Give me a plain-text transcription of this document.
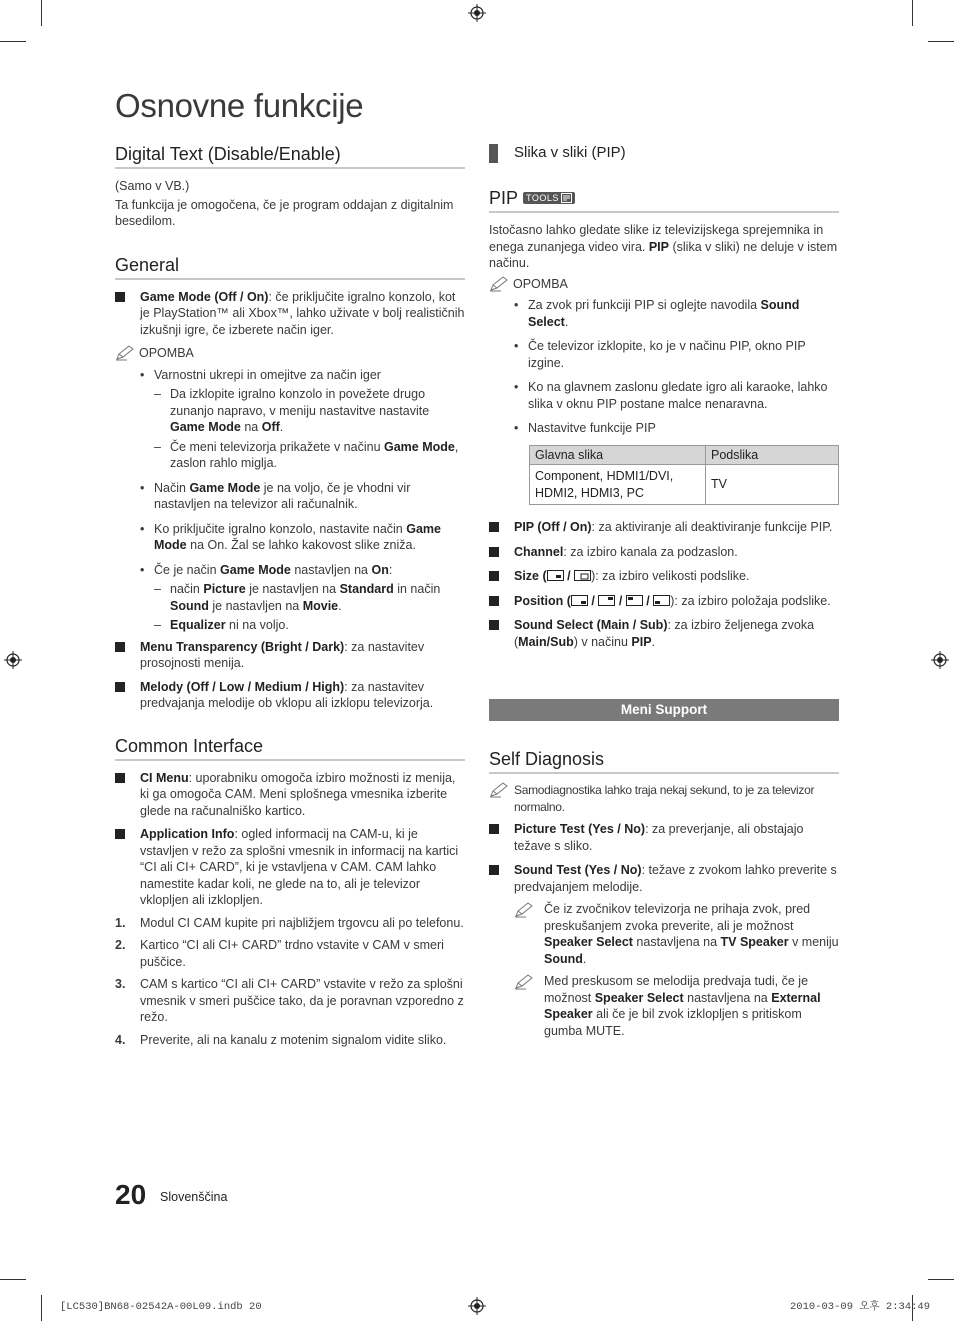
Osnovne funkcije
Digital Text (Disable/Enable)

(Samo v VB.)

Ta funkcija je omogočena, če je program oddajan z digitalnim besedilom.

General
Game Mode (Off / On): če priključite igralno konzolo, kot je PlayStation™ ali Xbox™, lahko uživate v bolj realističnih izkušnji igre, če izberete način iger.
OPOMBA
• Varnostni ukrepi in omejitve za način iger
– Da izklopite igralno konzolo in povežete drugo zunanjo napravo, v meniju nastavitve nastavite Game Mode na Off.
– Če meni televizorja prikažete v načinu Game Mode, zaslon rahlo miglja.
• Način Game Mode je na voljo, če je vhodni vir nastavljen na televizor ali računalnik.
• Ko priključite igralno konzolo, nastavite način Game Mode na On. Žal se lahko kakovost slike zniža.
• Če je način Game Mode nastavljen na On:
– način Picture je nastavljen na Standard in način Sound je nastavljen na Movie.
– Equalizer ni na voljo.
Menu Transparency (Bright / Dark): za nastavitev prosojnosti menija.
Melody (Off / Low / Medium / High): za nastavitev predvajanja melodije ob vklopu ali izklopu televizorja.
Common Interface
CI Menu: uporabniku omogoča izbiro možnosti iz menija, ki ga omogoča CAM. Meni splošnega vmesnika izberite glede na računalniško kartico.
Application Info: ogled informacij na CAM-u, ki je vstavljen v režo za splošni vmesnik in informacij na kartici “CI ali CI+ CARD”, ki je vstavljena v CAM. CAM lahko namestite kadar koli, ne glede na to, ali je televizor vklopljen ali izklopljen.
1. Modul CI CAM kupite pri najbližjem trgovcu ali po telefonu.
2. Kartico “CI ali CI+ CARD” trdno vstavite v CAM v smeri puščice.
3. CAM s kartico “CI ali CI+ CARD” vstavite v režo za splošni vmesnik v smeri puščice tako, da je poravnan vzporedno z režo.
4. Preverite, ali na kanalu z motenim signalom vidite sliko.
Slika v sliki (PIP)
PIP TOOLS

Istočasno lahko gledate slike iz televizijskega sprejemnika in enega zunanjega video vira. PIP (slika v sliki) ne deluje v istem načinu.

OPOMBA
• Za zvok pri funkciji PIP si oglejte navodila Sound Select.
• Če televizor izklopite, ko je v načinu PIP, okno PIP izgine.
• Ko na glavnem zaslonu gledate igro ali karaoke, lahko slika v oknu PIP postane malce nenaravna.
• Nastavitve funkcije PIP
Glavna slika	Podslika
Component, HDMI1/DVI, HDMI2, HDMI3, PC	TV
PIP (Off / On): za aktiviranje ali deaktiviranje funkcije PIP.
Channel: za izbiro kanala za podzaslon.
Size ( / ): za izbiro velikosti podslike.
Position ( /  /  / ): za izbiro položaja podslike.
Sound Select (Main / Sub): za izbiro željenega zvoka (Main/Sub) v načinu PIP.
Meni Support
Self Diagnosis
Samodiagnostika lahko traja nekaj sekund, to je za televizor normalno.
Picture Test (Yes / No): za preverjanje, ali obstajajo težave s sliko.
Sound Test (Yes / No): težave z zvokom lahko preverite s predvajanjem melodije.
Če iz zvočnikov televizorja ne prihaja zvok, pred preskušanjem zvoka preverite, ali je možnost Speaker Select nastavljena na TV Speaker v meniju Sound.
Med preskusom se melodija predvaja tudi, če je možnost Speaker Select nastavljena na External Speaker ali če je bil zvok izklopljen s pritiskom gumba MUTE.
20 Slovenščina
[LC530]BN68-02542A-00L09.indb 20	2010-03-09 오후 2:34:49
